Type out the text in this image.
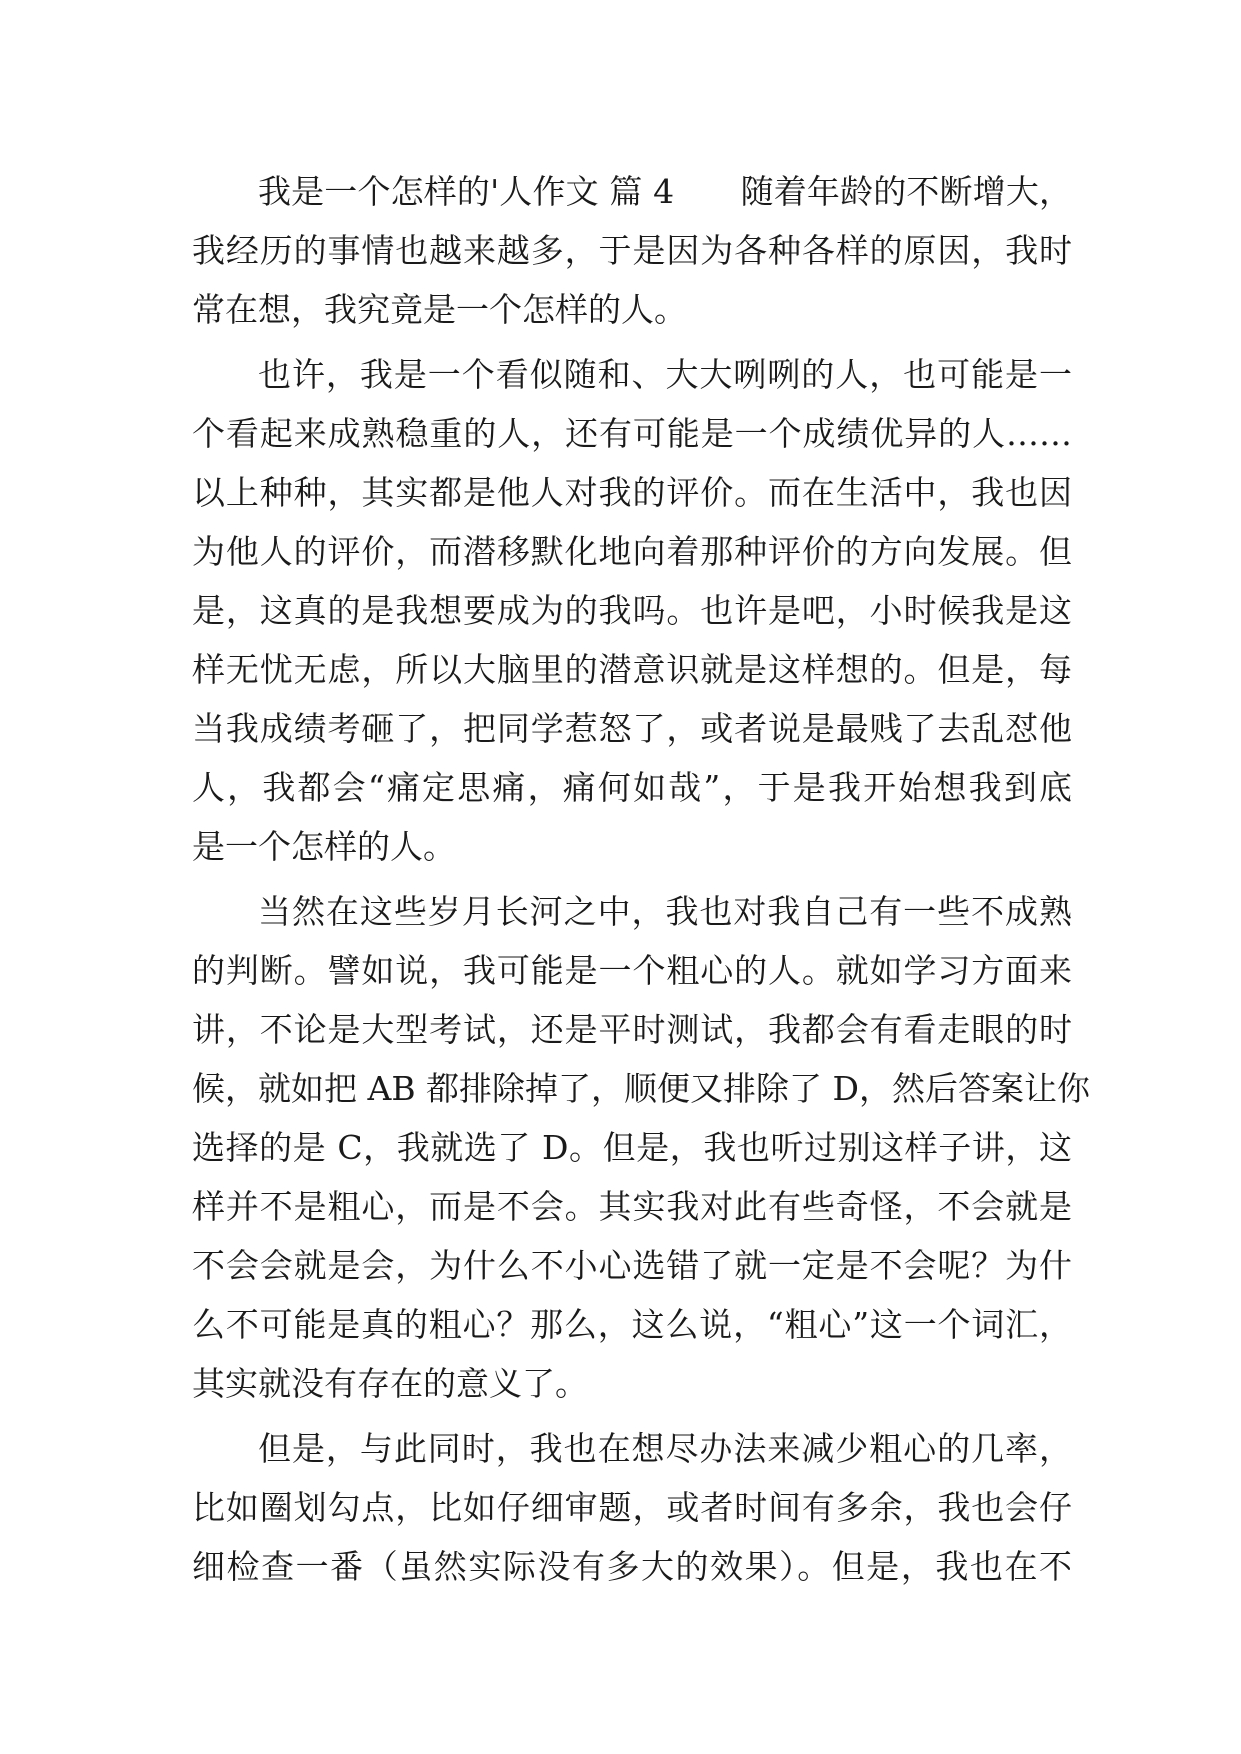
我是一个怎样的'人作文 篇 4　　随着年龄的不断增大，
我经历的事情也越来越多，于是因为各种各样的原因，我时
常在想，我究竟是一个怎样的人。
也许，我是一个看似随和、大大咧咧的人，也可能是一
个看起来成熟稳重的人，还有可能是一个成绩优异的人……
以上种种，其实都是他人对我的评价。而在生活中，我也因
为他人的评价，而潜移默化地向着那种评价的方向发展。但
是，这真的是我想要成为的我吗。也许是吧，小时候我是这
样无忧无虑，所以大脑里的潜意识就是这样想的。但是，每
当我成绩考砸了，把同学惹怒了，或者说是最贱了去乱怼他
人，我都会“痛定思痛，痛何如哉”，于是我开始想我到底
是一个怎样的人。
当然在这些岁月长河之中，我也对我自己有一些不成熟
的判断。譬如说，我可能是一个粗心的人。就如学习方面来
讲，不论是大型考试，还是平时测试，我都会有看走眼的时
候，就如把 AB 都排除掉了，顺便又排除了 D，然后答案让你
选择的是 C，我就选了 D。但是，我也听过别这样子讲，这
样并不是粗心，而是不会。其实我对此有些奇怪，不会就是
不会会就是会，为什么不小心选错了就一定是不会呢？为什
么不可能是真的粗心？那么，这么说，“粗心”这一个词汇，
其实就没有存在的意义了。
但是，与此同时，我也在想尽办法来减少粗心的几率，
比如圈划勾点，比如仔细审题，或者时间有多余，我也会仔
细检查一番（虽然实际没有多大的效果）。但是，我也在不
